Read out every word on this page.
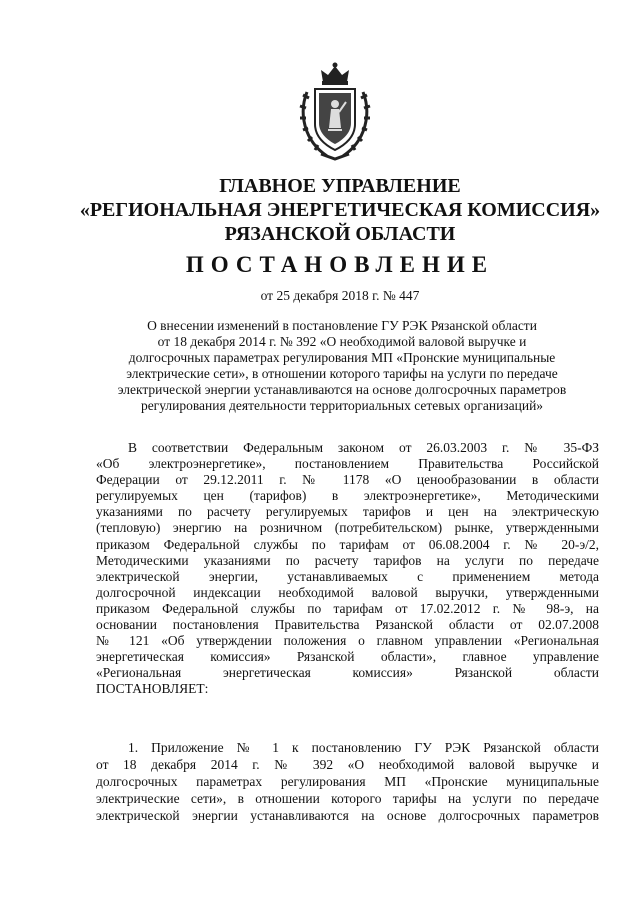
ГЛАВНОЕ УПРАВЛЕНИЕ
«РЕГИОНАЛЬНАЯ ЭНЕРГЕТИЧЕСКАЯ КОМИССИЯ»
РЯЗАНСКОЙ ОБЛАСТИ
ПОСТАНОВЛЕНИЕ
от 25 декабря 2018 г. № 447
О внесении изменений в постановление ГУ РЭК Рязанской области
от 18 декабря 2014 г. № 392 «О необходимой валовой выручке и
долгосрочных параметрах регулирования МП «Пронские муниципальные
электрические сети», в отношении которого тарифы на услуги по передаче
электрической энергии устанавливаются на основе долгосрочных параметров
регулирования деятельности территориальных сетевых организаций»
В соответствии Федеральным законом от 26.03.2003 г. № 35-ФЗ
«Об электроэнергетике», постановлением Правительства Российской
Федерации от 29.12.2011 г. № 1178 «О ценообразовании в области
регулируемых цен (тарифов) в электроэнергетике», Методическими
указаниями по расчету регулируемых тарифов и цен на электрическую
(тепловую) энергию на розничном (потребительском) рынке, утвержденными
приказом Федеральной службы по тарифам от 06.08.2004 г. № 20-э/2,
Методическими указаниями по расчету тарифов на услуги по передаче
электрической энергии, устанавливаемых с применением метода
долгосрочной индексации необходимой валовой выручки, утвержденными
приказом Федеральной службы по тарифам от 17.02.2012 г. № 98-э, на
основании постановления Правительства Рязанской области от 02.07.2008
№ 121 «Об утверждении положения о главном управлении «Региональная
энергетическая комиссия» Рязанской области», главное управление
«Региональная энергетическая комиссия» Рязанской области
ПОСТАНОВЛЯЕТ:
1. Приложение № 1 к постановлению ГУ РЭК Рязанской области
от 18 декабря 2014 г. № 392 «О необходимой валовой выручке и
долгосрочных параметрах регулирования МП «Пронские муниципальные
электрические сети», в отношении которого тарифы на услуги по передаче
электрической энергии устанавливаются на основе долгосрочных параметров
